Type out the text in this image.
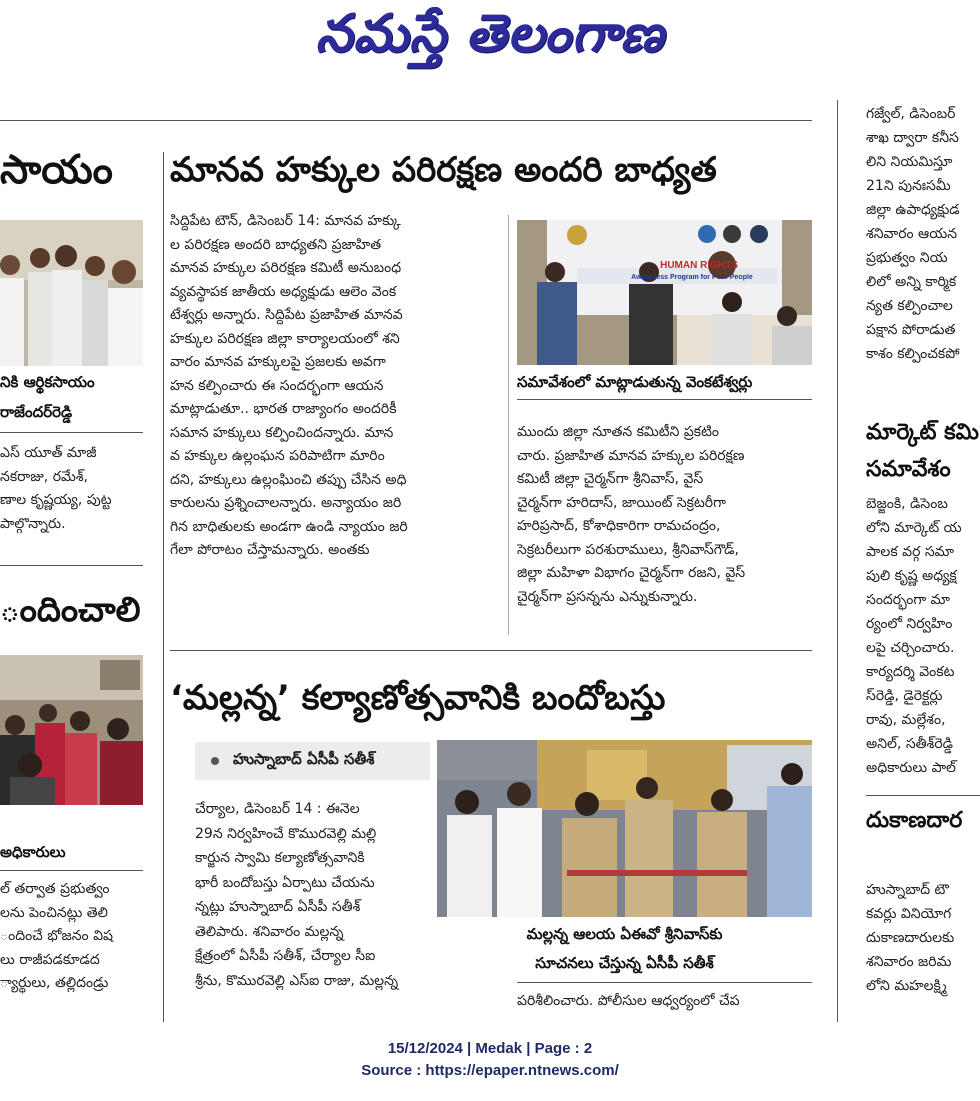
నమస్తే తెలంగాణ
సాయం
నికి ఆర్థికసాయం
రాజేందర్‌రెడ్డి

ఎస్ యూత్ మాజీ

నకరాజు, రమేశ్,

ణాల కృష్ణయ్య, పుట్ట

పాల్గొన్నారు.

ందించాలి
అధికారులు

ల్ తర్వాత ప్రభుత్వం

లను పెంచినట్లు తెలి

ందించే భోజనం విష

లు రాజీపడకూడద

్యార్థులు, తల్లిదండ్రు

మానవ హక్కుల పరిరక్షణ అందరి బాధ్యత

సిద్దిపేట టౌన్, డిసెంబర్ 14: మానవ హక్కు

ల పరిరక్షణ అందరి బాధ్యతని ప్రజాహిత

మానవ హక్కుల పరిరక్షణ కమిటీ అనుబంధ

వ్యవస్థాపక జాతీయ అధ్యక్షుడు ఆలెం వెంక

టేశ్వర్లు అన్నారు. సిద్దిపేట ప్రజాహిత మానవ

హక్కుల పరిరక్షణ జిల్లా కార్యాలయంలో శని

వారం మానవ హక్కులపై ప్రజలకు అవగా

హన కల్పించారు ఈ సందర్భంగా ఆయన

మాట్లాడుతూ.. భారత రాజ్యాంగం అందరికీ

సమాన హక్కులు కల్పించిందన్నారు. మాన

వ హక్కుల ఉల్లంఘన పరిపాటిగా మారిం

దని, హక్కులు ఉల్లంఘించి తప్పు చేసిన అధి

కారులను ప్రశ్నించాలన్నారు. అన్యాయం జరి

గిన బాధితులకు అండగా ఉండి న్యాయం జరి

గేలా పోరాటం చేస్తామన్నారు. అంతకు

HUMAN RIGHTS
Awareness Program for Poor People
సమావేశంలో మాట్లాడుతున్న వెంకటేశ్వర్లు

ముందు జిల్లా నూతన కమిటీని ప్రకటిం

చారు. ప్రజాహిత మానవ హక్కుల పరిరక్షణ

కమిటీ జిల్లా చైర్మన్‌గా శ్రీనివాస్, వైస్

చైర్మన్‌గా హరిదాస్, జాయింట్ సెక్రటరీగా

హరిప్రసాద్, కోశాధికారిగా రామచంద్రం,

సెక్రటరీలుగా పరశురాములు, శ్రీనివాస్‌గౌడ్,

జిల్లా మహిళా విభాగం చైర్మన్‌గా రజని, వైస్

చైర్మన్‌గా ప్రసన్నను ఎన్నుకున్నారు.

‘మల్లన్న’ కల్యాణోత్సవానికి బందోబస్తు
హుస్నాబాద్ ఏసీపీ సతీశ్

చేర్యాల, డిసెంబర్ 14 : ఈనెల

29న నిర్వహించే కొమురవెల్లి మల్లి

కార్జున స్వామి కల్యాణోత్సవానికి

భారీ బందోబస్తు ఏర్పాటు చేయను

న్నట్లు హుస్నాబాద్ ఏసీపీ సతీశ్

తెలిపారు. శనివారం మల్లన్న

క్షేత్రంలో ఏసీపీ సతీశ్, చేర్యాల సీఐ

శ్రీను, కొమురవెల్లి ఎస్ఐ రాజు, మల్లన్న

మల్లన్న ఆలయ ఏఈవో శ్రీనివాస్‌కు
సూచనలు చేస్తున్న ఏసీపీ సతీశ్

పరిశీలించారు. పోలీసుల ఆధ్వర్యంలో చేప

గజ్వేల్, డిసెంబర్

శాఖ ద్వారా కనీస

లిని నియమిస్తూ

21ని పునఃసమీ

జిల్లా ఉపాధ్యక్షుడ

శనివారం ఆయన

ప్రభుత్వం నియ

లిలో అన్ని కార్మిక

న్యత కల్పించాల

పక్షాన పోరాడుత

కాశం కల్పించకపో

మార్కెట్ కమి
సమావేశం

బెజ్జంకి, డిసెంబ

లోని మార్కెట్ య

పాలక వర్గ సమా

పులి కృష్ణ అధ్యక్ష

సందర్భంగా మా

ర్యంలో నిర్వహిం

లపై చర్చించారు.

కార్యదర్శి వెంకట

స్‌రెడ్డి, డైరెక్టర్లు

రావు, మల్లేశం,

అనిల్, సతీశ్‌రెడ్డి

అధికారులు పాల్

దుకాణదార

హుస్నాబాద్ టౌ

కవర్లు వినియోగ

దుకాణదారులకు

శనివారం జరిమ

లోని మహలక్ష్మి

15/12/2024 | Medak | Page : 2
Source : https://epaper.ntnews.com/
